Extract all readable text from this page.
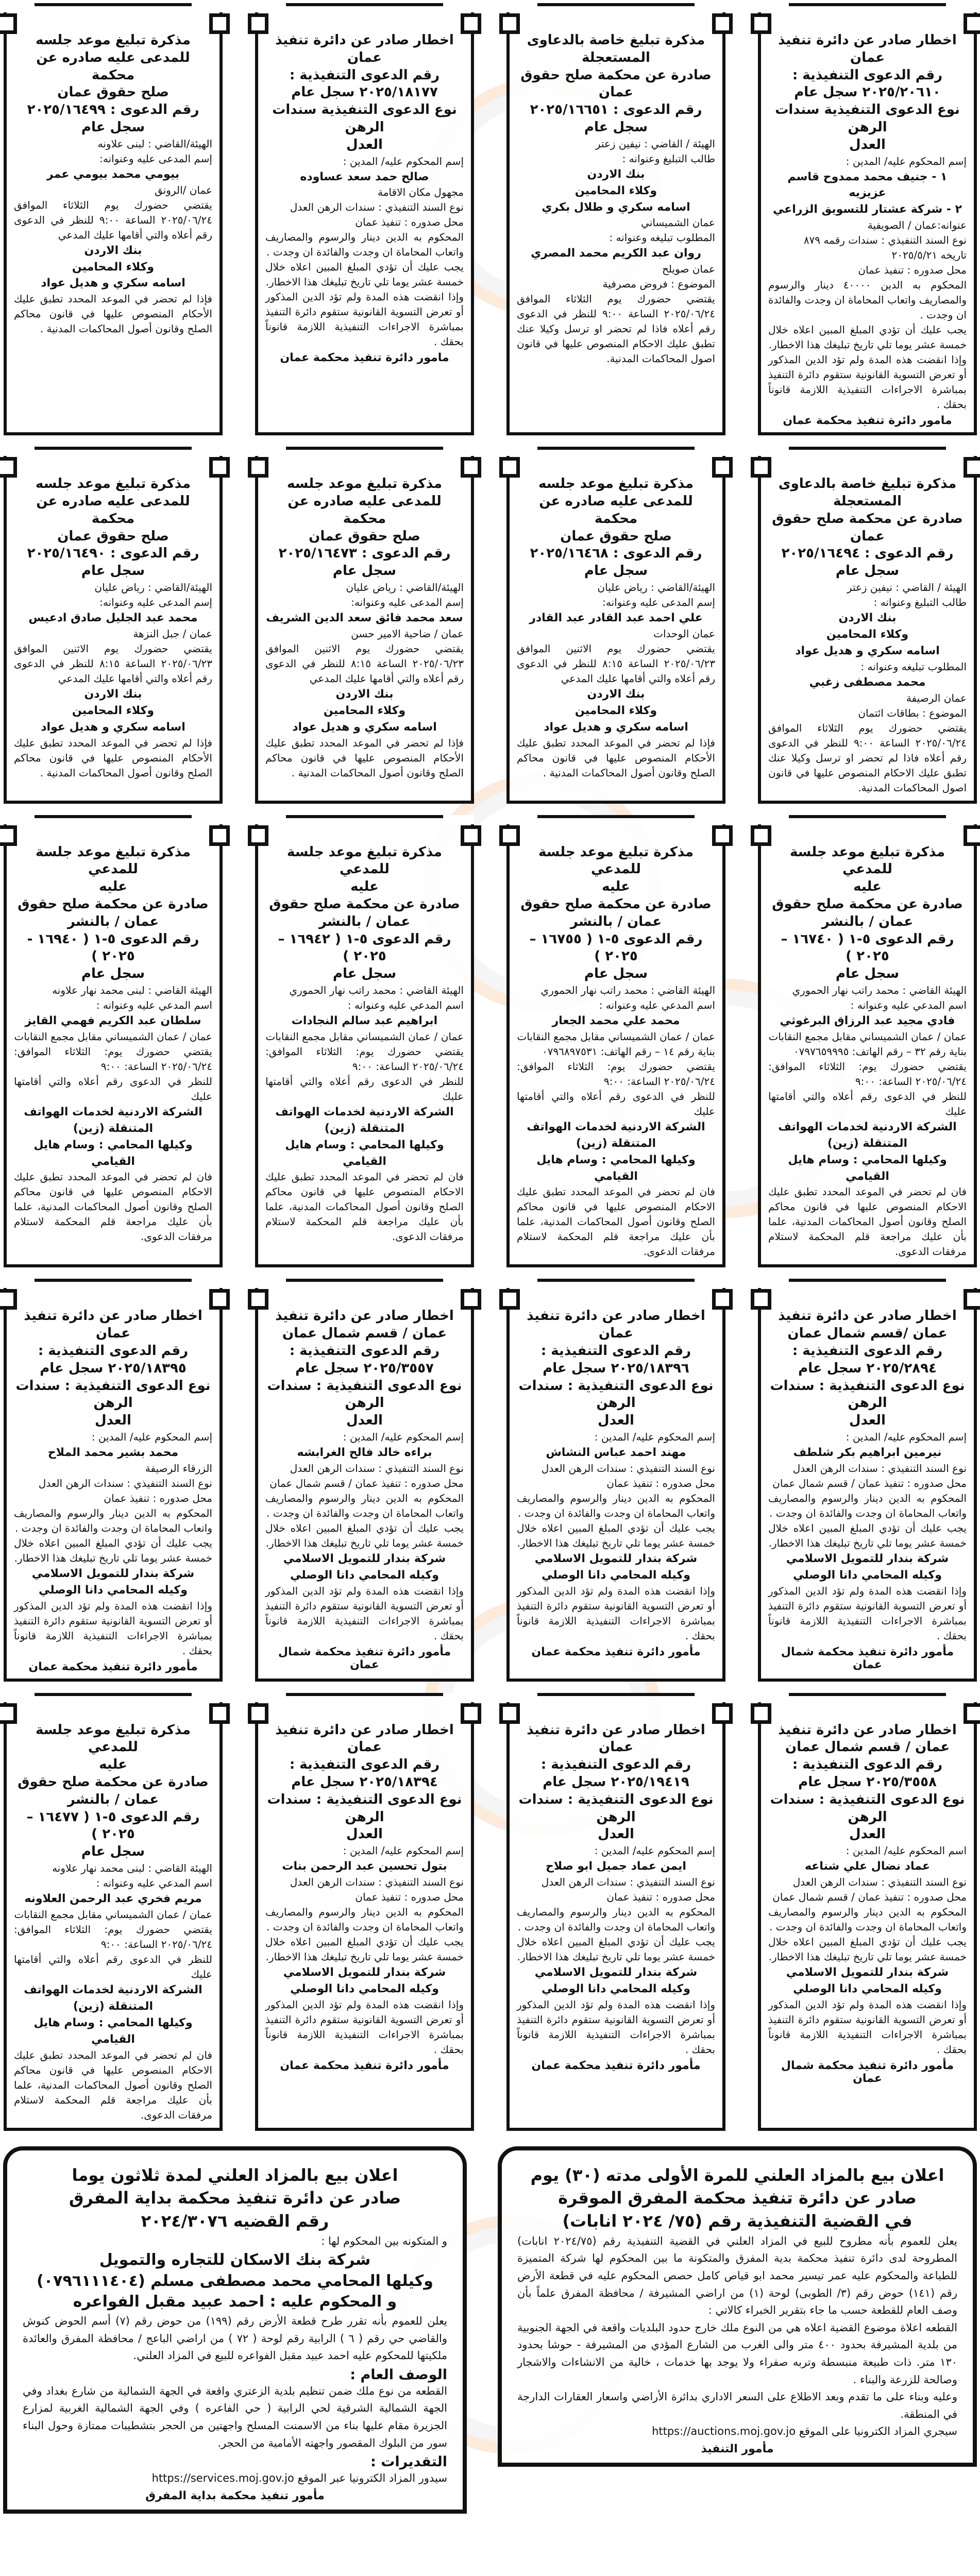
اخطار صادر عن دائرة تنفيذ

عمان

رقم الدعوى التنفيذية :

٢٠٢٥/٢٠٦١٠ سجل عام

نوع الدعوى التنفيذية سندات الرهن

العدل

إسم المحكوم عليه/ المدين :

١ - جنيف محمد ممدوح قاسم عزيزيه

٢ - شركة عشتار للتسويق الزراعي

عنوانه:عمان / الصويفية

نوع السند التنفيذي : سندات رقمه ٨٧٩

تاريخه ٢٠٢٥/٥/٢١

محل صدوره : تنفيذ عمان

المحكوم به الدين ٤٠٠٠٠ دينار والرسوم والمصاريف واتعاب المحاماة ان وجدت والفائدة ان وجدت .

يجب عليك أن تؤدي المبلغ المبين اعلاه خلال خمسة عشر يوما تلي تاريخ تبليغك هذا الاخطار.

وإذا انقضت هذه المدة ولم تؤد الدين المذكور أو تعرض التسوية القانونية ستقوم دائرة التنفيذ بمباشرة الاجراءات التنفيذية اللازمة قانوناً بحقك .

مامور دائرة تنفيذ محكمة عمان

مذكرة تبليغ خاصة بالدعاوى

المستعجلة

صادرة عن محكمة صلح حقوق عمان

رقم الدعوى : ٢٠٢٥/١٦٦٥١

سجل عام

الهيئة / القاضي : نيفين زعتر

طالب التبليغ وعنوانه :

بنك الاردن

وكلاء المحامين

اسامه سكري و طلال بكري

عمان الشميساني

المطلوب تبليغه وعنوانه :

روان عبد الكريم محمد المصري

عمان صويلح

الموضوع : فروض مصرفية

يقتضي حضورك يوم الثلاثاء الموافق ٢٠٢٥/٠٦/٢٤ الساعة ٩:٠٠ للنظر في الدعوى رقم أعلاه فاذا لم تحضر او ترسل وكيلا عنك تطبق عليك الاحكام المنصوص عليها في قانون اصول المحاكمات المدنية.

اخطار صادر عن دائرة تنفيذ

عمان

رقم الدعوى التنفيذية :

٢٠٢٥/١٨١٧٧ سجل عام

نوع الدعوى التنفيذية سندات الرهن

العدل

إسم المحكوم عليه/ المدين :

صالح حمد سعد عساوده

مجهول مكان الاقامة

نوع السند التنفيذي : سندات الرهن العدل

محل صدوره : تنفيذ عمان

المحكوم به الدين دينار والرسوم والمصاريف واتعاب المحاماة ان وجدت والفائدة ان وجدت .

يجب عليك أن تؤدي المبلغ المبين اعلاه خلال خمسة عشر يوما تلي تاريخ تبليغك هذا الاخطار.

وإذا انقضت هذه المدة ولم تؤد الدين المذكور أو تعرض التسوية القانونية ستقوم دائرة التنفيذ بمباشرة الاجراءات التنفيذية اللازمة قانوناً بحقك .

مامور دائرة تنفيذ محكمة عمان

مذكرة تبليغ موعد جلسه

للمدعى عليه صادره عن محكمة

صلح حقوق عمان

رقم الدعوى : ٢٠٢٥/١٦٤٩٩

سجل عام

الهيئة/القاضي : لبنى علاونه

إسم المدعى عليه وعنوانه:

بيومي محمد بيومي عمر

عمان /الرونق

يقتضي حضورك يوم الثلاثاء الموافق ٢٠٢٥/٠٦/٢٤ الساعة ٩:٠٠ للنظر في الدعوى رقم أعلاه والتي أقامها عليك المدعي

بنك الاردن

وكلاء المحامين

اسامه سكري و هديل عواد

فإذا لم تحضر في الموعد المحدد تطبق عليك الأحكام المنصوص عليها في قانون محاكم الصلح وقانون أصول المحاكمات المدنية .

مذكرة تبليغ خاصة بالدعاوى

المستعجلة

صادرة عن محكمة صلح حقوق عمان

رقم الدعوى : ٢٠٢٥/١٦٤٩٤

سجل عام

الهيئة / القاضي : نيفين زعتر

طالب التبليغ وعنوانه :

بنك الاردن

وكلاء المحامين

اسامه سكري و هديل عواد

المطلوب تبليغه وعنوانه :

محمد مصطفى زغبي

عمان الرصيفة

الموضوع : بطاقات ائتمان

يقتضي حضورك يوم الثلاثاء الموافق ٢٠٢٥/٠٦/٢٤ الساعة ٩:٠٠ للنظر في الدعوى رقم أعلاه فاذا لم تحضر او ترسل وكيلا عنك تطبق عليك الاحكام المنصوص عليها في قانون اصول المحاكمات المدنية.

مذكرة تبليغ موعد جلسه

للمدعى عليه صادره عن محكمة

صلح حقوق عمان

رقم الدعوى : ٢٠٢٥/١٦٤٦٨

سجل عام

الهيئة/القاضي : رياض عليان

إسم المدعى عليه وعنوانه:

علي احمد عبد القادر عبد القادر

عمان الوحدات

يقتضي حضورك يوم الاثنين الموافق ٢٠٢٥/٠٦/٢٣ الساعة ٨:١٥ للنظر في الدعوى رقم أعلاه والتي أقامها عليك المدعي

بنك الاردن

وكلاء المحامين

اسامه سكري و هديل عواد

فإذا لم تحضر في الموعد المحدد تطبق عليك الأحكام المنصوص عليها في قانون محاكم الصلح وقانون أصول المحاكمات المدنية .

مذكرة تبليغ موعد جلسه

للمدعى عليه صادره عن محكمة

صلح حقوق عمان

رقم الدعوى : ٢٠٢٥/١٦٤٧٣

سجل عام

الهيئة/القاضي : رياض عليان

إسم المدعى عليه وعنوانه:

سعد محمد فائق سعد الدين الشريف

عمان / ضاحية الامير حسن

يقتضي حضورك يوم الاثنين الموافق ٢٠٢٥/٠٦/٢٣ الساعة ٨:١٥ للنظر في الدعوى رقم أعلاه والتي أقامها عليك المدعي

بنك الاردن

وكلاء المحامين

اسامه سكري و هديل عواد

فإذا لم تحضر في الموعد المحدد تطبق عليك الأحكام المنصوص عليها في قانون محاكم الصلح وقانون أصول المحاكمات المدنية .

مذكرة تبليغ موعد جلسه

للمدعى عليه صادره عن محكمة

صلح حقوق عمان

رقم الدعوى : ٢٠٢٥/١٦٤٩٠

سجل عام

الهيئة/القاضي : رياض عليان

إسم المدعى عليه وعنوانه:

محمد عبد الجليل صادق ادعيس

عمان / جبل النزهة

يقتضي حضورك يوم الاثنين الموافق ٢٠٢٥/٠٦/٢٣ الساعة ٨:١٥ للنظر في الدعوى رقم أعلاه والتي أقامها عليك المدعي

بنك الاردن

وكلاء المحامين

اسامه سكري و هديل عواد

فإذا لم تحضر في الموعد المحدد تطبق عليك الأحكام المنصوص عليها في قانون محاكم الصلح وقانون أصول المحاكمات المدنية .

مذكرة تبليغ موعد جلسة للمدعي

عليه

صادرة عن محكمة صلح حقوق عمان / بالنشر

رقم الدعوى ٥-١ ( ١٦٧٤٠ – ٢٠٢٥ )

سجل عام

الهيئة القاضي : محمد راتب نهار الحموري

اسم المدعي عليه وعنوانه :

فادي مجيد عبد الرزاق البرغوثي

عمان / عمان الشميساني مقابل مجمع النقابات

بناية رقم ٣٢ – رقم الهاتف: ٠٧٩٧٦٥٩٩٩٥

يقتضي حضورك يوم: الثلاثاء الموافق: ٢٠٢٥/٠٦/٢٤ الساعة: ٩:٠٠

للنظر في الدعوى رقم أعلاه والتي أقامتها عليك

الشركة الاردنية لخدمات الهواتف المتنقلة (زين)

وكيلها المحامي : وسام هايل القيامي

فان لم تحضر في الموعد المحدد تطبق عليك الاحكام المنصوص عليها في قانون محاكم الصلح وقانون أصول المحاكمات المدنية، علما بأن عليك مراجعة قلم المحكمة لاستلام مرفقات الدعوى.

مذكرة تبليغ موعد جلسة للمدعي

عليه

صادرة عن محكمة صلح حقوق عمان / بالنشر

رقم الدعوى ٥-١ ( ١٦٧٥٥ – ٢٠٢٥ )

سجل عام

الهيئة القاضي : محمد راتب نهار الحموري

اسم المدعي عليه وعنوانه :

محمد علي محمد الجعار

عمان / عمان الشميساني مقابل مجمع النقابات

بناية رقم ١٤ – رقم الهاتف: ٠٧٩٦٨٩٧٥٣١

يقتضي حضورك يوم: الثلاثاء الموافق: ٢٠٢٥/٠٦/٢٤ الساعة: ٩:٠٠

للنظر في الدعوى رقم أعلاه والتي أقامتها عليك

الشركة الاردنية لخدمات الهواتف المتنقلة (زين)

وكيلها المحامي : وسام هايل القيامي

فان لم تحضر في الموعد المحدد تطبق عليك الاحكام المنصوص عليها في قانون محاكم الصلح وقانون أصول المحاكمات المدنية، علما بأن عليك مراجعة قلم المحكمة لاستلام مرفقات الدعوى.

مذكرة تبليغ موعد جلسة للمدعي

عليه

صادرة عن محكمة صلح حقوق عمان / بالنشر

رقم الدعوى ٥-١ ( ١٦٩٤٢ – ٢٠٢٥ )

سجل عام

الهيئة القاضي : محمد راتب نهار الحموري

اسم المدعي عليه وعنوانه :

ابراهيم عبد سالم النجادات

عمان / عمان الشميساني مقابل مجمع النقابات

يقتضي حضورك يوم: الثلاثاء الموافق: ٢٠٢٥/٠٦/٢٤ الساعة: ٩:٠٠

للنظر في الدعوى رقم أعلاه والتي أقامتها عليك

الشركة الاردنية لخدمات الهواتف المتنقلة (زين)

وكيلها المحامي : وسام هايل القيامي

فان لم تحضر في الموعد المحدد تطبق عليك الاحكام المنصوص عليها في قانون محاكم الصلح وقانون أصول المحاكمات المدنية، علما بأن عليك مراجعة قلم المحكمة لاستلام مرفقات الدعوى.

مذكرة تبليغ موعد جلسة للمدعي

عليه

صادرة عن محكمة صلح حقوق عمان / بالنشر

رقم الدعوى ٥-١ ( ١٦٩٤٠ - ٢٠٢٥ )

سجل عام

الهيئة القاضي : لبنى محمد نهار علاونه

اسم المدعي عليه وعنوانه :

سلطان عبد الكريم فهمي القايز

عمان / عمان الشميساني مقابل مجمع النقابات

يقتضي حضورك يوم: الثلاثاء الموافق: ٢٠٢٥/٠٦/٢٤ الساعة: ٩:٠٠

للنظر في الدعوى رقم أعلاه والتي أقامتها عليك

الشركة الاردنية لخدمات الهواتف المتنقلة (زين)

وكيلها المحامي : وسام هايل القيامي

فان لم تحضر في الموعد المحدد تطبق عليك الاحكام المنصوص عليها في قانون محاكم الصلح وقانون أصول المحاكمات المدنية، علما بأن عليك مراجعة قلم المحكمة لاستلام مرفقات الدعوى.

اخطار صادر عن دائرة تنفيذ

عمان /قسم شمال عمان

رقم الدعوى التنفيذية :

٢٠٢٥/٢٨٩٤ سجل عام

نوع الدعوى التنفيذية : سندات الرهن

العدل

إسم المحكوم عليه/ المدين :

نيرمين ابراهيم بكر شلطف

نوع السند التنفيذي : سندات الرهن العدل

محل صدوره : تنفيذ عمان / قسم شمال عمان

المحكوم به الدين دينار والرسوم والمصاريف واتعاب المحاماة ان وجدت والفائدة ان وجدت .

يجب عليك أن تؤدي المبلغ المبين اعلاه خلال خمسة عشر يوما تلي تاريخ تبليغك هذا الاخطار.

شركة بندار للتمويل الاسلامي

وكيله المحامي دانا الوصلي

وإذا انقضت هذه المدة ولم تؤد الدين المذكور أو تعرض التسوية القانونية ستقوم دائرة التنفيذ بمباشرة الاجراءات التنفيذية اللازمة قانوناً بحقك .

مأمور دائرة تنفيذ محكمة شمال عمان

اخطار صادر عن دائرة تنفيذ

عمان

رقم الدعوى التنفيذية :

٢٠٢٥/١٨٣٩٦ سجل عام

نوع الدعوى التنفيذية : سندات الرهن

العدل

إسم المحكوم عليه/ المدين :

مهند احمد عباس النشاش

نوع السند التنفيذي : سندات الرهن العدل

محل صدوره : تنفيذ عمان

المحكوم به الدين دينار والرسوم والمصاريف واتعاب المحاماة ان وجدت والفائدة ان وجدت .

يجب عليك أن تؤدي المبلغ المبين اعلاه خلال خمسة عشر يوما تلي تاريخ تبليغك هذا الاخطار.

شركة بندار للتمويل الاسلامي

وكيله المحامي دانا الوصلي

وإذا انقضت هذه المدة ولم تؤد الدين المذكور أو تعرض التسوية القانونية ستقوم دائرة التنفيذ بمباشرة الاجراءات التنفيذية اللازمة قانوناً بحقك .

مأمور دائرة تنفيذ محكمة عمان

اخطار صادر عن دائرة تنفيذ

عمان / قسم شمال عمان

رقم الدعوى التنفيذية :

٢٠٢٥/٣٥٥٧ سجل عام

نوع الدعوى التنفيذية : سندات الرهن

العدل

إسم المحكوم عليه/ المدين :

براءه خالد فالح الغرابشه

نوع السند التنفيذي : سندات الرهن العدل

محل صدوره : تنفيذ عمان / قسم شمال عمان

المحكوم به الدين دينار والرسوم والمصاريف واتعاب المحاماة ان وجدت والفائدة ان وجدت .

يجب عليك أن تؤدي المبلغ المبين اعلاه خلال خمسة عشر يوما تلي تاريخ تبليغك هذا الاخطار.

شركة بندار للتمويل الاسلامي

وكيله المحامي دانا الوصلي

وإذا انقضت هذه المدة ولم تؤد الدين المذكور أو تعرض التسوية القانونية ستقوم دائرة التنفيذ بمباشرة الاجراءات التنفيذية اللازمة قانوناً بحقك .

مأمور دائرة تنفيذ محكمة شمال عمان

اخطار صادر عن دائرة تنفيذ

عمان

رقم الدعوى التنفيذية :

٢٠٢٥/١٨٣٩٥ سجل عام

نوع الدعوى التنفيذية : سندات الرهن

العدل

إسم المحكوم عليه/ المدين :

محمد بشير محمد الملاح

الزرقاء الرصيفة

نوع السند التنفيذي : سندات الرهن العدل

محل صدوره : تنفيذ عمان

المحكوم به الدين دينار والرسوم والمصاريف واتعاب المحاماة ان وجدت والفائدة ان وجدت .

يجب عليك أن تؤدي المبلغ المبين اعلاه خلال خمسة عشر يوما تلي تاريخ تبليغك هذا الاخطار.

شركة بندار للتمويل الاسلامي

وكيله المحامي دانا الوصلي

وإذا انقضت هذه المدة ولم تؤد الدين المذكور أو تعرض التسوية القانونية ستقوم دائرة التنفيذ بمباشرة الاجراءات التنفيذية اللازمة قانوناً بحقك .

مأمور دائرة تنفيذ محكمة عمان

اخطار صادر عن دائرة تنفيذ

عمان / قسم شمال عمان

رقم الدعوى التنفيذية :

٢٠٢٥/٣٥٥٨ سجل عام

نوع الدعوى التنفيذية : سندات الرهن

العدل

اسم المحكوم عليه/ المدين :

عماد نضال علي شناعه

نوع السند التنفيذي : سندات الرهن العدل

محل صدوره : تنفيذ عمان / قسم شمال عمان

المحكوم به الدين دينار والرسوم والمصاريف واتعاب المحاماة ان وجدت والفائدة ان وجدت .

يجب عليك أن تؤدي المبلغ المبين اعلاه خلال خمسة عشر يوما تلي تاريخ تبليغك هذا الاخطار.

شركة بندار للتمويل الاسلامي

وكيله المحامي دانا الوصلي

وإذا انقضت هذه المدة ولم تؤد الدين المذكور أو تعرض التسوية القانونية ستقوم دائرة التنفيذ بمباشرة الاجراءات التنفيذية اللازمة قانوناً بحقك .

مأمور دائرة تنفيذ محكمة شمال عمان

اخطار صادر عن دائرة تنفيذ

عمان

رقم الدعوى التنفيذية :

٢٠٢٥/١٩٤١٩ سجل عام

نوع الدعوى التنفيذية : سندات الرهن

العدل

إسم المحكوم عليه/ المدين :

ايمن عماد جميل ابو صلاح

نوع السند التنفيذي : سندات الرهن العدل

محل صدوره : تنفيذ عمان

المحكوم به الدين دينار والرسوم والمصاريف واتعاب المحاماة ان وجدت والفائدة ان وجدت .

يجب عليك أن تؤدي المبلغ المبين اعلاه خلال خمسة عشر يوما تلي تاريخ تبليغك هذا الاخطار.

شركة بندار للتمويل الاسلامي

وكيله المحامي دانا الوصلي

وإذا انقضت هذه المدة ولم تؤد الدين المذكور أو تعرض التسوية القانونية ستقوم دائرة التنفيذ بمباشرة الاجراءات التنفيذية اللازمة قانوناً بحقك .

مأمور دائرة تنفيذ محكمة عمان

اخطار صادر عن دائرة تنفيذ

عمان

رقم الدعوى التنفيذية :

٢٠٢٥/١٨٣٩٤ سجل عام

نوع الدعوى التنفيذية : سندات الرهن

العدل

إسم المحكوم عليه/ المدين :

بتول تحسين عبد الرحمن بنات

نوع السند التنفيذي : سندات الرهن العدل

محل صدوره : تنفيذ عمان

المحكوم به الدين دينار والرسوم والمصاريف واتعاب المحاماة ان وجدت والفائدة ان وجدت .

يجب عليك أن تؤدي المبلغ المبين اعلاه خلال خمسة عشر يوما تلي تاريخ تبليغك هذا الاخطار.

شركة بندار للتمويل الاسلامي

وكيله المحامي دانا الوصلي

وإذا انقضت هذه المدة ولم تؤد الدين المذكور أو تعرض التسوية القانونية ستقوم دائرة التنفيذ بمباشرة الاجراءات التنفيذية اللازمة قانوناً بحقك .

مأمور دائرة تنفيذ محكمة عمان

مذكرة تبليغ موعد جلسة للمدعي

عليه

صادرة عن محكمة صلح حقوق عمان / بالنشر

رقم الدعوى ٥-١ ( ١٦٤٧٧ – ٢٠٢٥ )

سجل عام

الهيئة القاضي : لبنى محمد نهار علاونه

اسم المدعي عليه وعنوانه :

مريم فخري عبد الرحمن العلاونه

عمان / عمان الشميساني مقابل مجمع النقابات

يقتضي حضورك يوم: الثلاثاء الموافق: ٢٠٢٥/٠٦/٢٤ الساعة: ٩:٠٠

للنظر في الدعوى رقم أعلاه والتي أقامتها عليك

الشركة الاردنية لخدمات الهواتف المتنقلة (زين)

وكيلها المحامي : وسام هايل القيامي

فان لم تحضر في الموعد المحدد تطبق عليك الاحكام المنصوص عليها في قانون محاكم الصلح وقانون أصول المحاكمات المدنية، علما بأن عليك مراجعة قلم المحكمة لاستلام مرفقات الدعوى.

اعلان بيع بالمزاد العلني للمرة الأولى مدته (٣٠) يوم

صادر عن دائرة تنفيذ محكمة المفرق الموقرة

في القضية التنفيذية رقم (٧٥/ ٢٠٢٤ انابات)

يعلن للعموم بأنه مطروح للبيع في المزاد العلني في القضية التنفيذية رقم (٢٠٢٤/٧٥ انابات) المطروحة لدى دائرة تنفيذ محكمة بدية المفرق والمتكونة ما بين المحكوم لها شركة المتميزة للطباعة والمحكوم عليه عمر تيسير محمد ابو قياص كامل حصص المحكوم عليه في قطعة الأرض رقم (١٤١) حوض رقم (٣/ الطوبى) لوحة (١) من اراضي المشيرفة / محافظة المفرق علماً بأن وصف العام للقطعة حسب ما جاء بتقرير الخبراء كالاتي :

القطعه اعلاة موضوع القضية اعلاه هي من النوع ملك خارج حدود البلديات واقعة في الجهة الجنوبية من بلدية المشيرفة بحدود ٤٠٠ متر والى الغرب من الشارع المؤدي من المشيرفة - حوشا بحدود ١٣٠ متر. ذات طبيعة منبسطة وتربه صفراء ولا يوجد بها خدمات ، خالية من الانشاءات والاشجار وصالحة للزرعة والبناء .

وعليه وبناء على ما تقدم وبعد الاطلاع على السعر الاداري بدائرة الأراضي واسعار العقارات الدارجة في المنطقة.

سيجري المزاد الكترونيا على الموقع https://auctions.moj.gov.jo

مأمور التنفيذ

اعلان بيع بالمزاد العلني لمدة ثلاثون يوما

صادر عن دائرة تنفيذ محكمة بداية المفرق

رقم القضيه ٢٠٢٤/٣٠٧٦

و المتكونه بين المحكوم لها :

شركة بنك الاسكان للتجاره والتمويل

وكيلها المحامي محمد مصطفى مسلم (٠٧٩٦١١١٤٠٤)

و المحكوم عليه : احمد عبيد مقبل الفواعره

يعلن للعموم بأنه تقرر طرح قطعة الأرض رقم (١٩٩) من حوض رقم (٧) أسم الحوض كنوش والقاضي حي رقم ( ٦ ) الرابية رقم لوحة ( ٧٢ ) من اراضي الباعج / محافظة المفرق والعائدة ملكيتها للمحكوم عليه احمد عبيد مقبل الفواعره للبيع في المزاد العلني.

الوصف العام :

القطعه من نوع ملك ضمن تنظيم بلدية الزعتري واقعة في الجهة الشمالية من شارع بغداد وفي الجهة الشمالية الشرقية لحي الرابية ( حي الفاعره ) وفي الجهة الشمالية الغربية لمزارع الجزيرة مقام عليها بناء من الاسمنت المسلح واجهتين من الحجر بتشطيبات ممتازة وحول البناء سور من البلوك المقصور واجهته الأمامية من الحجر.

التقديرات :

سيدور المزاد الكترونيا عبر الموقع https://services.moj.gov.jo

مأمور تنفيذ محكمة بداية المفرق
